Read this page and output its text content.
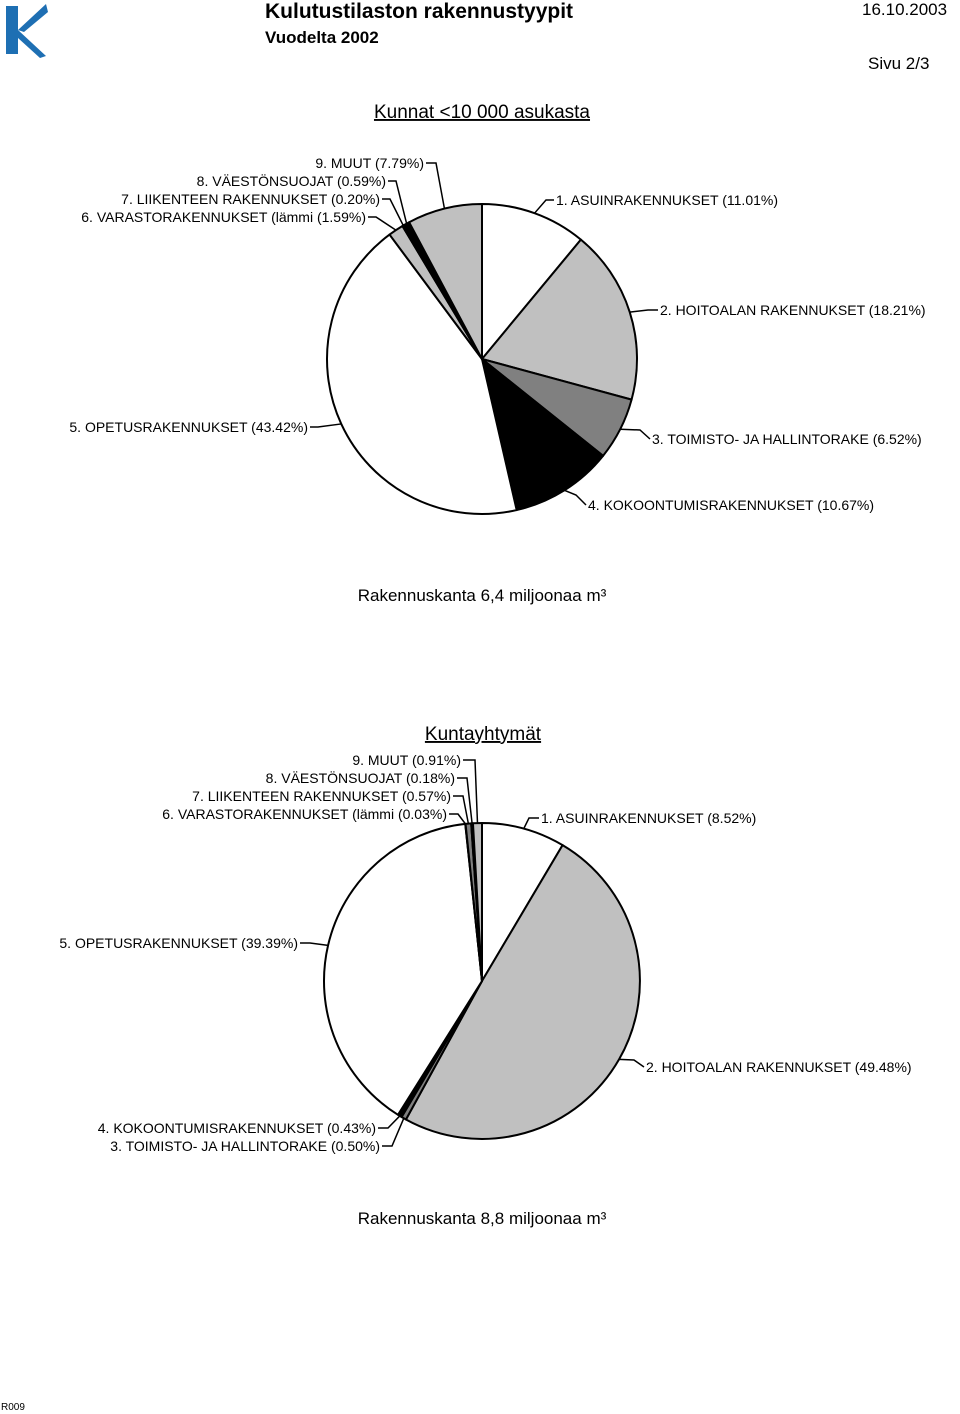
Kulutustilaston rakennustyypit
Vuodelta 2002
16.10.2003
Sivu 2/3
Kunnat <10 000 asukasta
1. ASUINRAKENNUKSET (11.01%)
2. HOITOALAN RAKENNUKSET (18.21%)
3. TOIMISTO- JA HALLINTORAKE (6.52%)
4. KOKOONTUMISRAKENNUKSET (10.67%)
5. OPETUSRAKENNUKSET (43.42%)
6. VARASTORAKENNUKSET (lämmi (1.59%)
7. LIIKENTEEN RAKENNUKSET (0.20%)
8. VÄESTÖNSUOJAT (0.59%)
9. MUUT (7.79%)
Rakennuskanta 6,4 miljoonaa m³
Kuntayhtymät
1. ASUINRAKENNUKSET (8.52%)
2. HOITOALAN RAKENNUKSET (49.48%)
3. TOIMISTO- JA HALLINTORAKE (0.50%)
4. KOKOONTUMISRAKENNUKSET (0.43%)
5. OPETUSRAKENNUKSET (39.39%)
6. VARASTORAKENNUKSET (lämmi (0.03%)
7. LIIKENTEEN RAKENNUKSET (0.57%)
8. VÄESTÖNSUOJAT (0.18%)
9. MUUT (0.91%)
Rakennuskanta 8,8 miljoonaa m³
R009
